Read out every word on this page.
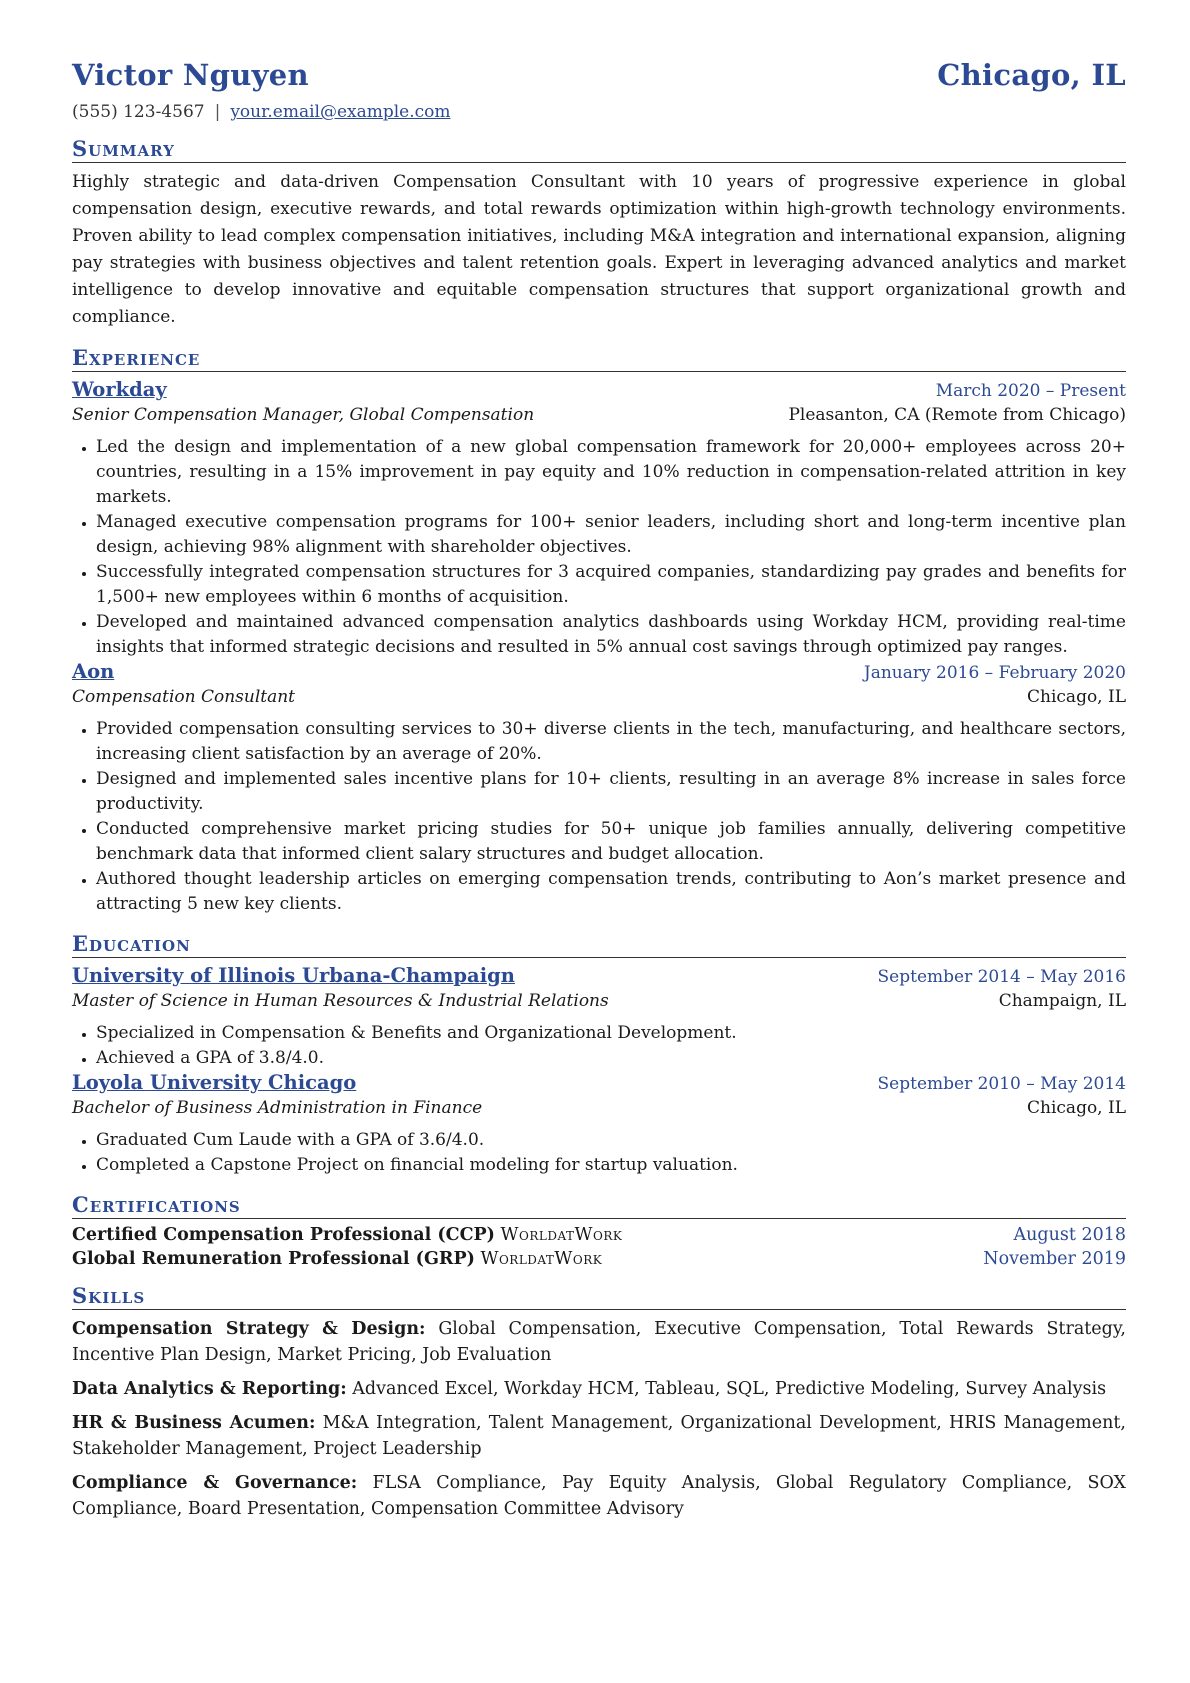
Victor Nguyen	Chicago, IL
(555) 123-4567 | your.email@example.com
Summary
Highly strategic and data-driven Compensation Consultant with 10 years of progressive experience in global compensation design, executive rewards, and total rewards optimization within high-growth technology environments. Proven ability to lead complex compensation initiatives, including M&A integration and international expansion, aligning pay strategies with business objectives and talent retention goals. Expert in leveraging advanced analytics and market intelligence to develop innovative and equitable compensation structures that support organizational growth and compliance.
Experience
Workday	March 2020 – Present
Senior Compensation Manager, Global Compensation	Pleasanton, CA (Remote from Chicago)
• Led the design and implementation of a new global compensation framework for 20,000+ employees across 20+ countries, resulting in a 15% improvement in pay equity and 10% reduction in compensation-related attrition in key markets.
• Managed executive compensation programs for 100+ senior leaders, including short and long-term incentive plan design, achieving 98% alignment with shareholder objectives.
• Successfully integrated compensation structures for 3 acquired companies, standardizing pay grades and benefits for 1,500+ new employees within 6 months of acquisition.
• Developed and maintained advanced compensation analytics dashboards using Workday HCM, providing real-time insights that informed strategic decisions and resulted in 5% annual cost savings through optimized pay ranges.
Aon	January 2016 – February 2020
Compensation Consultant	Chicago, IL
• Provided compensation consulting services to 30+ diverse clients in the tech, manufacturing, and healthcare sectors, increasing client satisfaction by an average of 20%.
• Designed and implemented sales incentive plans for 10+ clients, resulting in an average 8% increase in sales force productivity.
• Conducted comprehensive market pricing studies for 50+ unique job families annually, delivering competitive benchmark data that informed client salary structures and budget allocation.
• Authored thought leadership articles on emerging compensation trends, contributing to Aon’s market presence and attracting 5 new key clients.
Education
University of Illinois Urbana-Champaign	September 2014 – May 2016
Master of Science in Human Resources & Industrial Relations	Champaign, IL
• Specialized in Compensation & Benefits and Organizational Development.
• Achieved a GPA of 3.8/4.0.
Loyola University Chicago	September 2010 – May 2014
Bachelor of Business Administration in Finance	Chicago, IL
• Graduated Cum Laude with a GPA of 3.6/4.0.
• Completed a Capstone Project on financial modeling for startup valuation.
Certifications
Certified Compensation Professional (CCP) WorldatWork	August 2018
Global Remuneration Professional (GRP) WorldatWork	November 2019
Skills
Compensation Strategy & Design: Global Compensation, Executive Compensation, Total Rewards Strategy, Incentive Plan Design, Market Pricing, Job Evaluation
Data Analytics & Reporting: Advanced Excel, Workday HCM, Tableau, SQL, Predictive Modeling, Survey Analysis
HR & Business Acumen: M&A Integration, Talent Management, Organizational Development, HRIS Management, Stakeholder Management, Project Leadership
Compliance & Governance: FLSA Compliance, Pay Equity Analysis, Global Regulatory Compliance, SOX Compliance, Board Presentation, Compensation Committee Advisory
